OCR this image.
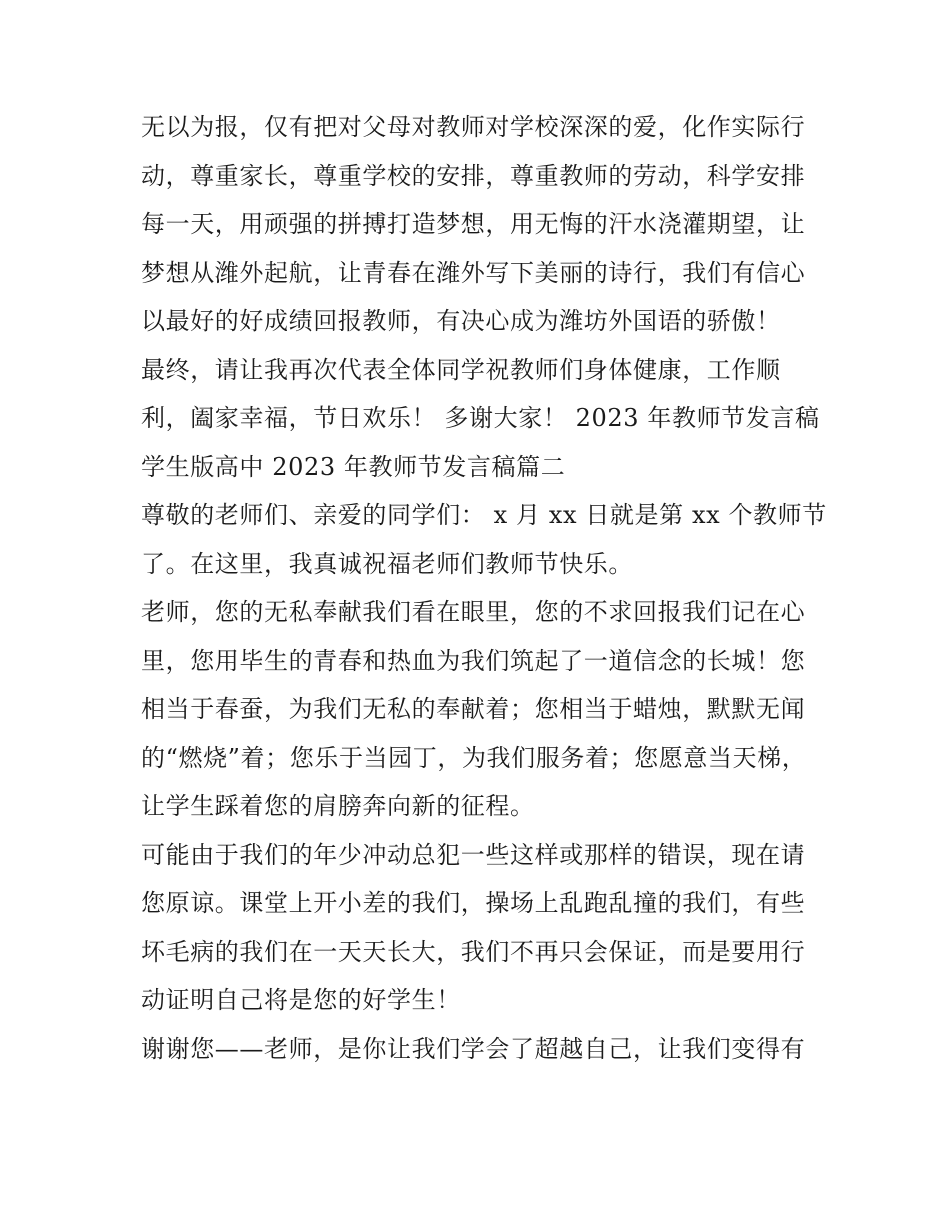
无以为报，仅有把对父母对教师对学校深深的爱，化作实际行
动，尊重家长，尊重学校的安排，尊重教师的劳动，科学安排
每一天，用顽强的拼搏打造梦想，用无悔的汗水浇灌期望，让
梦想从潍外起航，让青春在潍外写下美丽的诗行，我们有信心
以最好的好成绩回报教师，有决心成为潍坊外国语的骄傲！
最终，请让我再次代表全体同学祝教师们身体健康，工作顺
利，阖家幸福，节日欢乐！ 多谢大家！ 2023 年教师节发言稿
学生版高中 2023 年教师节发言稿篇二
尊敬的老师们、亲爱的同学们： x 月 xx 日就是第 xx 个教师节
了。在这里，我真诚祝福老师们教师节快乐。
老师，您的无私奉献我们看在眼里，您的不求回报我们记在心
里，您用毕生的青春和热血为我们筑起了一道信念的长城！您
相当于春蚕，为我们无私的奉献着；您相当于蜡烛，默默无闻
的“燃烧”着；您乐于当园丁，为我们服务着；您愿意当天梯，
让学生踩着您的肩膀奔向新的征程。
可能由于我们的年少冲动总犯一些这样或那样的错误，现在请
您原谅。课堂上开小差的我们，操场上乱跑乱撞的我们，有些
坏毛病的我们在一天天长大，我们不再只会保证，而是要用行
动证明自己将是您的好学生！
谢谢您——老师，是你让我们学会了超越自己，让我们变得有
